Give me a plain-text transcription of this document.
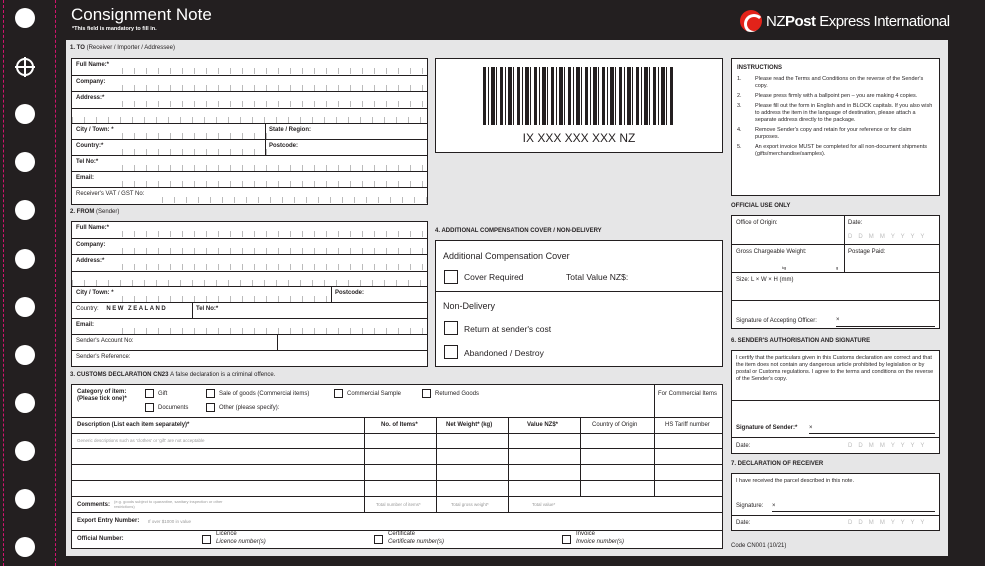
Consignment Note
*This field is mandatory to fill in.	NZ Post
Express International
1. TO (Receiver / Importer / Addressee)
Full Name:*
Company:
Address:*
City / Town: *	State / Region:
Country:*	Postcode:
Tel No:*
Email:
Receiver's VAT / GST No:
IX XXX XXX XXX NZ
INSTRUCTIONS
1. Please read the Terms and Conditions on the reverse of the Sender's copy.
2. Please press firmly with a ballpoint pen – you are making 4 copies.
3. Please fill out the form in English and in BLOCK capitals. If you also wish to address the item in the language of destination, please attach a separate address directly to the package.
4. Remove Sender's copy and retain for your reference or for claim purposes.
5. An export invoice MUST be completed for all non-document shipments (gifts/merchandise/samples).
2. FROM (Sender)
Full Name:*
Company:
Address:*
City / Town: *	Postcode:
Country: NEW ZEALAND	Tel No:*
Email:
Sender's Account No:
Sender's Reference:
4. ADDITIONAL COMPENSATION COVER / NON-DELIVERY
Additional Compensation Cover
Cover Required	Total Value NZ$:
Non-Delivery
Return at sender's cost
Abandoned / Destroy
OFFICIAL USE ONLY
Office of Origin:	Date:
D D M M Y Y Y Y
Gross Chargeable Weight:
kg	g
Postage Paid:
Size: L × W × H (mm)
Signature of Accepting Officer:	×
3. CUSTOMS DECLARATION CN23 A false declaration is a criminal offence.
Category of item:
(Please tick one)*
Gift
Documents
Sale of goods (Commercial items)
Other (please specify):
Commercial Sample	Returned Goods	For Commercial Items
Description (List each item separately)*	No. of Items*	Net Weight* (kg)	Value NZ$*	Country of Origin	HS Tariff number
Generic descriptions such as 'clothes' or 'gift' are not acceptable
Comments:
(e.g. goods subject to quarantine, sanitary inspection or other restrictions)	Total number of items*	Total gross weight*	Total value*
Export Entry Number: If over $1000 in value
Official Number:
Licence
Licence number(s)
Certificate
Certificate number(s)
Invoice
Invoice number(s)
6. SENDER'S AUTHORISATION AND SIGNATURE
I certify that the particulars given in this Customs declaration are correct and that the item does not contain any dangerous article prohibited by legislation or by postal or Customs regulations. I agree to the terms and conditions on the reverse of the Sender's copy.
Signature of Sender:* ×
Date:	D D M M Y Y Y Y
7. DECLARATION OF RECEIVER
I have received the parcel described in this note.
Signature: ×
Date:	D D M M Y Y Y Y
Code CN001 (10/21)
